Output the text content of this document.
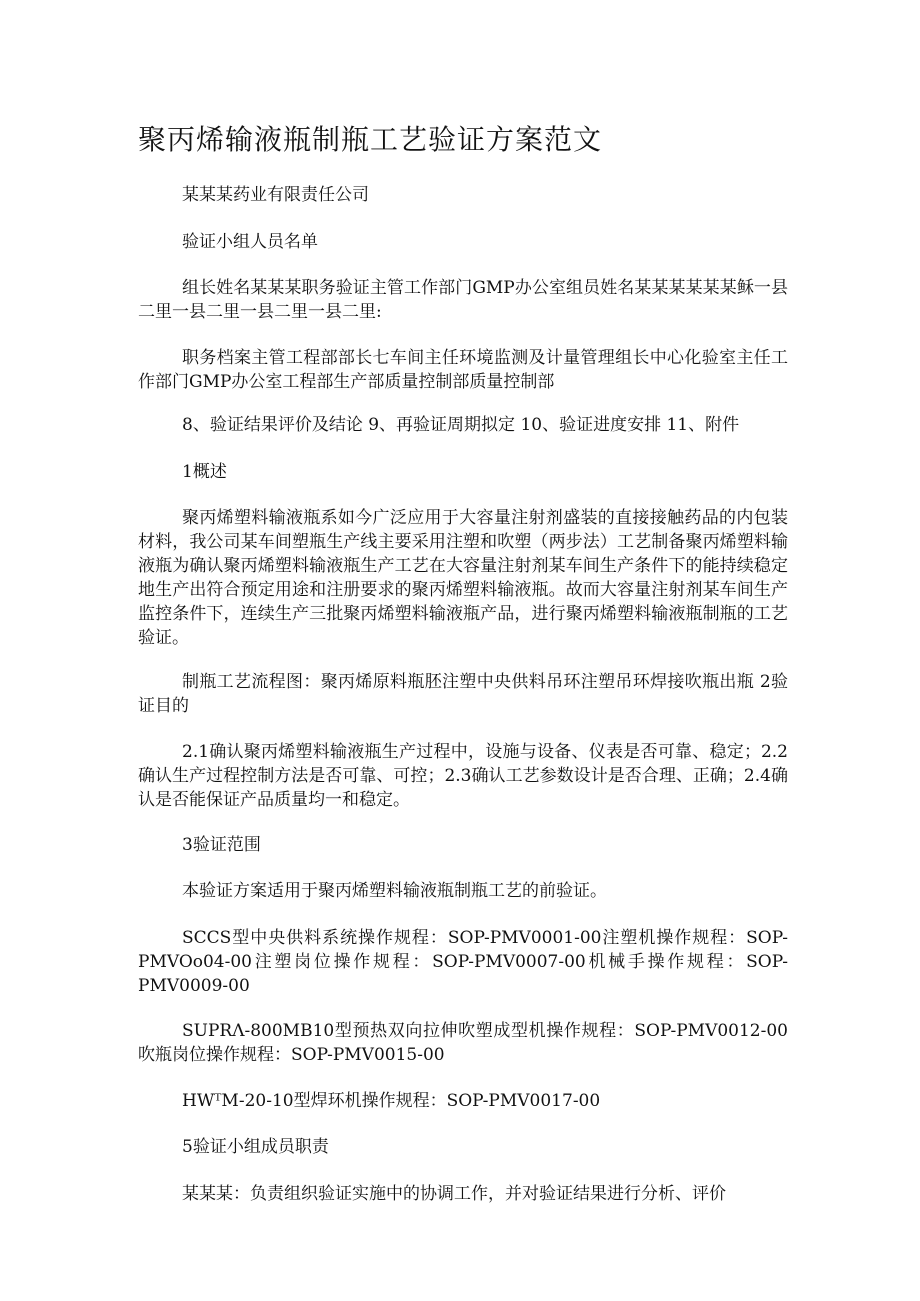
聚丙烯输液瓶制瓶工艺验证方案范文

某某某药业有限责任公司

验证小组人员名单

组长姓名某某某职务验证主管工作部门GMP办公室组员姓名某某某某某某稣一县二里一县二里一县二里一县二里:

职务档案主管工程部部长七车间主任环境监测及计量管理组长中心化验室主任工作部门GMP办公室工程部生产部质量控制部质量控制部

8、验证结果评价及结论 9、再验证周期拟定 10、验证进度安排 11、附件

1概述

聚丙烯塑料输液瓶系如今广泛应用于大容量注射剂盛装的直接接触药品的内包装材料，我公司某车间塑瓶生产线主要采用注塑和吹塑（两步法）工艺制备聚丙烯塑料输液瓶为确认聚丙烯塑料输液瓶生产工艺在大容量注射剂某车间生产条件下的能持续稳定地生产出符合预定用途和注册要求的聚丙烯塑料输液瓶。故而大容量注射剂某车间生产监控条件下，连续生产三批聚丙烯塑料输液瓶产品，进行聚丙烯塑料输液瓶制瓶的工艺验证。

制瓶工艺流程图：聚丙烯原料瓶胚注塑中央供料吊环注塑吊环焊接吹瓶出瓶 2验证目的

2.1确认聚丙烯塑料输液瓶生产过程中，设施与设备、仪表是否可靠、稳定；2.2确认生产过程控制方法是否可靠、可控；2.3确认工艺参数设计是否合理、正确；2.4确认是否能保证产品质量均一和稳定。

3验证范围

本验证方案适用于聚丙烯塑料输液瓶制瓶工艺的前验证。

SCCS型中央供料系统操作规程：SOP-PMV0001-00注塑机操作规程：SOP-PMVOo04-00注塑岗位操作规程：SOP-PMV0007-00机械手操作规程：SOP-PMV0009-00

SUPRΛ-800MB10型预热双向拉伸吹塑成型机操作规程：SOP-PMV0012-00吹瓶岗位操作规程：SOP-PMV0015-00

HWᵀM-20-10型焊环机操作规程：SOP-PMV0017-00

5验证小组成员职责

某某某：负责组织验证实施中的协调工作，并对验证结果进行分析、评价
